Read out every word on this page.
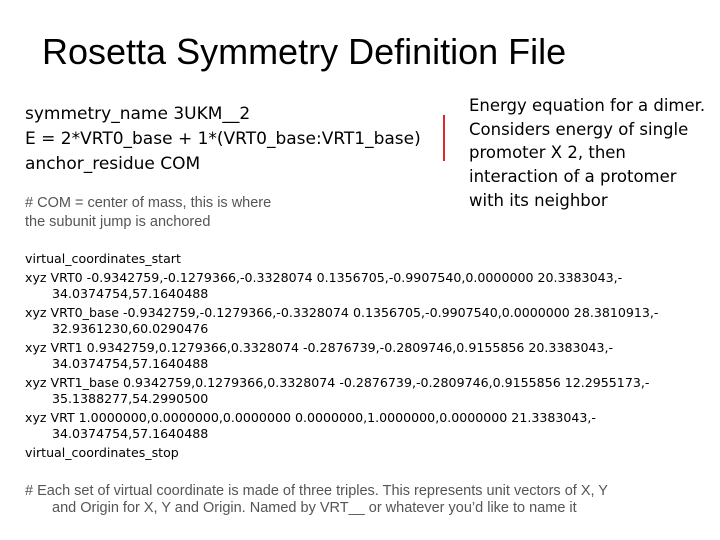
Rosetta Symmetry Definition File
symmetry_name 3UKM__2
E = 2*VRT0_base + 1*(VRT0_base:VRT1_base)
anchor_residue COM
Energy equation for a dimer.
Considers energy of single
promoter X 2, then
interaction of a protomer
with its neighbor
# COM = center of mass, this is where
the subunit jump is anchored
virtual_coordinates_start
xyz VRT0 -0.9342759,-0.1279366,-0.3328074 0.1356705,-0.9907540,0.0000000 20.3383043,-
34.0374754,57.1640488
xyz VRT0_base -0.9342759,-0.1279366,-0.3328074 0.1356705,-0.9907540,0.0000000 28.3810913,-
32.9361230,60.0290476
xyz VRT1 0.9342759,0.1279366,0.3328074 -0.2876739,-0.2809746,0.9155856 20.3383043,-
34.0374754,57.1640488
xyz VRT1_base 0.9342759,0.1279366,0.3328074 -0.2876739,-0.2809746,0.9155856 12.2955173,-
35.1388277,54.2990500
xyz VRT 1.0000000,0.0000000,0.0000000 0.0000000,1.0000000,0.0000000 21.3383043,-
34.0374754,57.1640488
virtual_coordinates_stop
# Each set of virtual coordinate is made of three triples. This represents unit vectors of X, Y
and Origin for X, Y and Origin. Named by VRT__ or whatever you’d like to name it
